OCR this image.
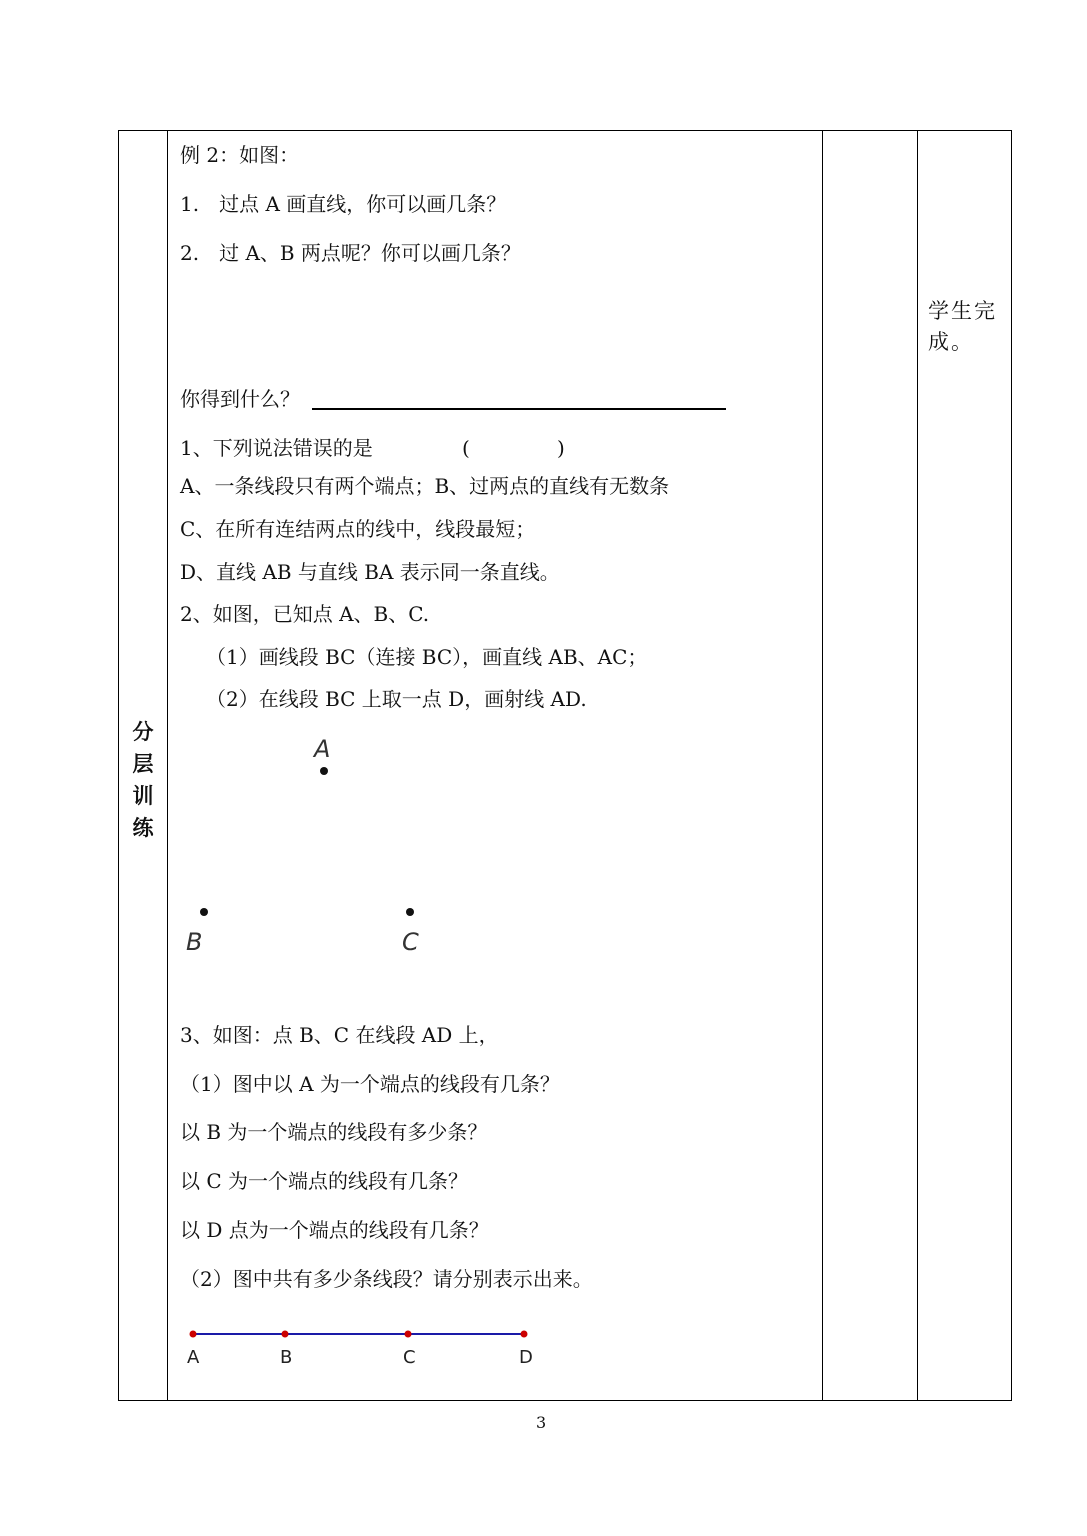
分
层
训
练
学生完成。
例 2：如图：
1.　过点 A 画直线，你可以画几条？
2.　过 A、B 两点呢？你可以画几条？
你得到什么？
1、下列说法错误的是	(	)
A、一条线段只有两个端点；B、过两点的直线有无数条
C、在所有连结两点的线中，线段最短；
D、直线 AB 与直线 BA 表示同一条直线。
2、如图，已知点 A、B、C.
（1）画线段 BC（连接 BC），画直线 AB、AC；
（2）在线段 BC 上取一点 D，画射线 AD.
A
B	C
3、如图：点 B、C 在线段 AD 上，
（1）图中以 A 为一个端点的线段有几条？
以 B 为一个端点的线段有多少条？
以 C 为一个端点的线段有几条？
以 D 点为一个端点的线段有几条？
（2）图中共有多少条线段？请分别表示出来。
A	B	C	D
3
